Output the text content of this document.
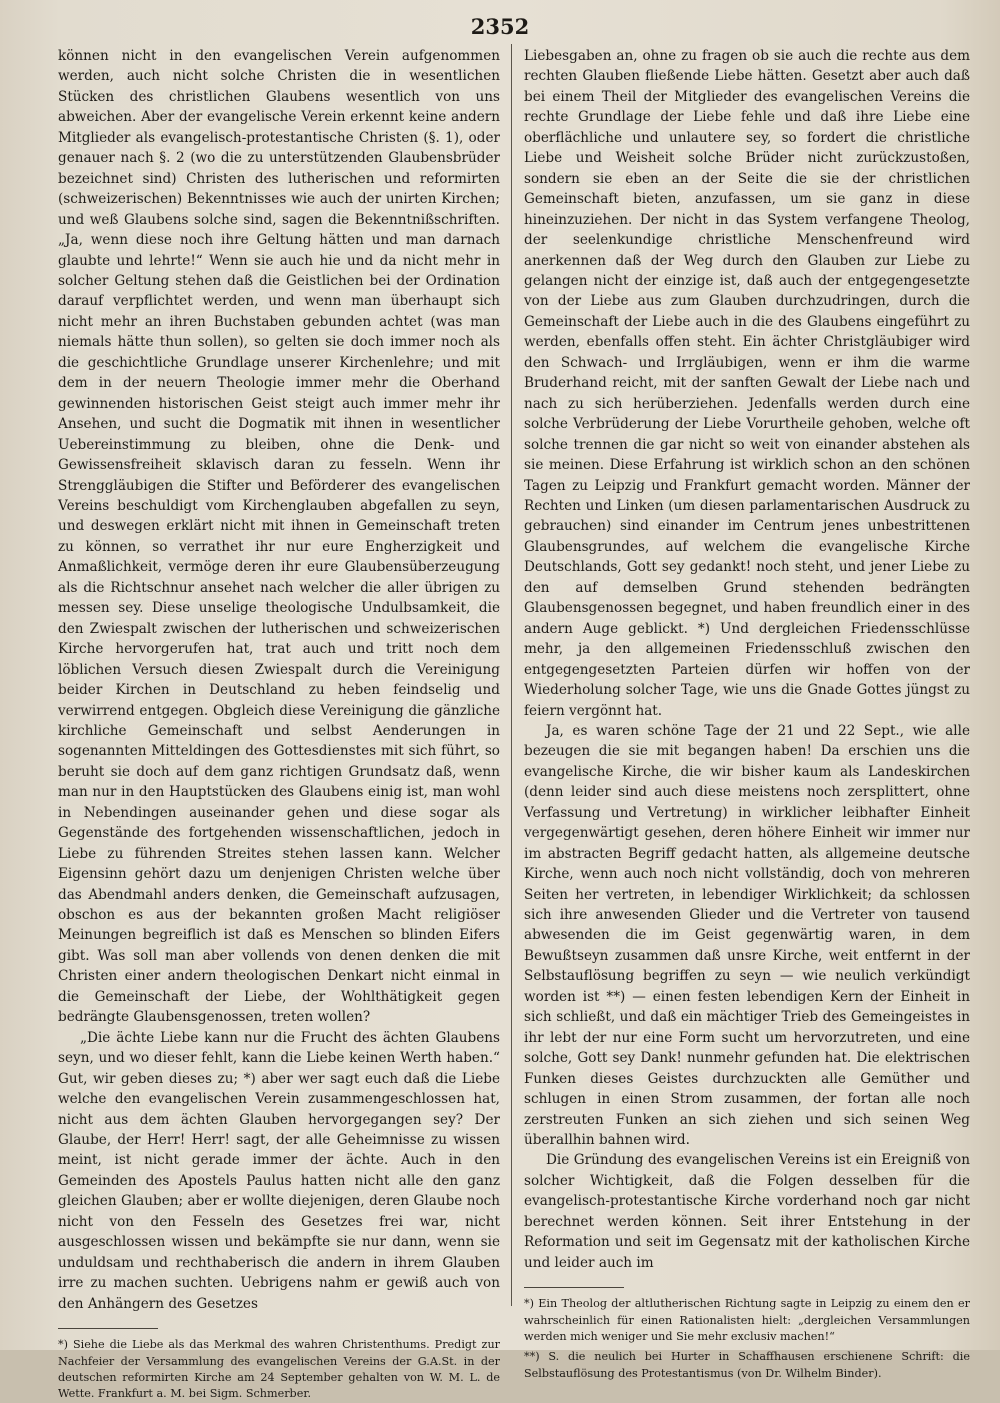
2352

können nicht in den evangelischen Verein aufgenommen werden, auch nicht solche Christen die in wesentlichen Stücken des christlichen Glaubens wesentlich von uns abweichen. Aber der evangelische Verein erkennt keine andern Mitglieder als evangelisch-protestantische Christen (§. 1), oder genauer nach §. 2 (wo die zu unterstützenden Glaubensbrüder bezeichnet sind) Christen des lutherischen und reformirten (schweizerischen) Bekenntnisses wie auch der unirten Kirchen; und weß Glaubens solche sind, sagen die Bekenntnißschriften. „Ja, wenn diese noch ihre Geltung hätten und man darnach glaubte und lehrte!“ Wenn sie auch hie und da nicht mehr in solcher Geltung stehen daß die Geistlichen bei der Ordination darauf verpflichtet werden, und wenn man überhaupt sich nicht mehr an ihren Buchstaben gebunden achtet (was man niemals hätte thun sollen), so gelten sie doch immer noch als die geschichtliche Grundlage unserer Kirchenlehre; und mit dem in der neuern Theologie immer mehr die Oberhand gewinnenden historischen Geist steigt auch immer mehr ihr Ansehen, und sucht die Dogmatik mit ihnen in wesentlicher Uebereinstimmung zu bleiben, ohne die Denk- und Gewissensfreiheit sklavisch daran zu fesseln. Wenn ihr Strenggläubigen die Stifter und Beförderer des evangelischen Vereins beschuldigt vom Kirchenglauben abgefallen zu seyn, und deswegen erklärt nicht mit ihnen in Gemeinschaft treten zu können, so verrathet ihr nur eure Engherzigkeit und Anmaßlichkeit, vermöge deren ihr eure Glaubensüberzeugung als die Richtschnur ansehet nach welcher die aller übrigen zu messen sey. Diese unselige theologische Undulbsamkeit, die den Zwiespalt zwischen der lutherischen und schweizerischen Kirche hervorgerufen hat, trat auch und tritt noch dem löblichen Versuch diesen Zwiespalt durch die Vereinigung beider Kirchen in Deutschland zu heben feindselig und verwirrend entgegen. Obgleich diese Vereinigung die gänzliche kirchliche Gemeinschaft und selbst Aenderungen in sogenannten Mitteldingen des Gottesdienstes mit sich führt, so beruht sie doch auf dem ganz richtigen Grundsatz daß, wenn man nur in den Hauptstücken des Glaubens einig ist, man wohl in Nebendingen auseinander gehen und diese sogar als Gegenstände des fortgehenden wissenschaftlichen, jedoch in Liebe zu führenden Streites stehen lassen kann. Welcher Eigensinn gehört dazu um denjenigen Christen welche über das Abendmahl anders denken, die Gemeinschaft aufzusagen, obschon es aus der bekannten großen Macht religiöser Meinungen begreiflich ist daß es Menschen so blinden Eifers gibt. Was soll man aber vollends von denen denken die mit Christen einer andern theologischen Denkart nicht einmal in die Gemeinschaft der Liebe, der Wohlthätigkeit gegen bedrängte Glaubensgenossen, treten wollen?

„Die ächte Liebe kann nur die Frucht des ächten Glaubens seyn, und wo dieser fehlt, kann die Liebe keinen Werth haben.“ Gut, wir geben dieses zu; *) aber wer sagt euch daß die Liebe welche den evangelischen Verein zusammengeschlossen hat, nicht aus dem ächten Glauben hervorgegangen sey? Der Glaube, der Herr! Herr! sagt, der alle Geheimnisse zu wissen meint, ist nicht gerade immer der ächte. Auch in den Gemeinden des Apostels Paulus hatten nicht alle den ganz gleichen Glauben; aber er wollte diejenigen, deren Glaube noch nicht von den Fesseln des Gesetzes frei war, nicht ausgeschlossen wissen und bekämpfte sie nur dann, wenn sie unduldsam und rechthaberisch die andern in ihrem Glauben irre zu machen suchten. Uebrigens nahm er gewiß auch von den Anhängern des Gesetzes

*) Siehe die Liebe als das Merkmal des wahren Christenthums. Predigt zur Nachfeier der Versammlung des evangelischen Vereins der G.A.St. in der deutschen reformirten Kirche am 24 September gehalten von W. M. L. de Wette. Frankfurt a. M. bei Sigm. Schmerber.

Liebesgaben an, ohne zu fragen ob sie auch die rechte aus dem rechten Glauben fließende Liebe hätten. Gesetzt aber auch daß bei einem Theil der Mitglieder des evangelischen Vereins die rechte Grundlage der Liebe fehle und daß ihre Liebe eine oberflächliche und unlautere sey, so fordert die christliche Liebe und Weisheit solche Brüder nicht zurückzustoßen, sondern sie eben an der Seite die sie der christlichen Gemeinschaft bieten, anzufassen, um sie ganz in diese hineinzuziehen. Der nicht in das System verfangene Theolog, der seelenkundige christliche Menschenfreund wird anerkennen daß der Weg durch den Glauben zur Liebe zu gelangen nicht der einzige ist, daß auch der entgegengesetzte von der Liebe aus zum Glauben durchzudringen, durch die Gemeinschaft der Liebe auch in die des Glaubens eingeführt zu werden, ebenfalls offen steht. Ein ächter Christgläubiger wird den Schwach- und Irrgläubigen, wenn er ihm die warme Bruderhand reicht, mit der sanften Gewalt der Liebe nach und nach zu sich herüberziehen. Jedenfalls werden durch eine solche Verbrüderung der Liebe Vorurtheile gehoben, welche oft solche trennen die gar nicht so weit von einander abstehen als sie meinen. Diese Erfahrung ist wirklich schon an den schönen Tagen zu Leipzig und Frankfurt gemacht worden. Männer der Rechten und Linken (um diesen parlamentarischen Ausdruck zu gebrauchen) sind einander im Centrum jenes unbestrittenen Glaubensgrundes, auf welchem die evangelische Kirche Deutschlands, Gott sey gedankt! noch steht, und jener Liebe zu den auf demselben Grund stehenden bedrängten Glaubensgenossen begegnet, und haben freundlich einer in des andern Auge geblickt. *) Und dergleichen Friedensschlüsse mehr, ja den allgemeinen Friedensschluß zwischen den entgegengesetzten Parteien dürfen wir hoffen von der Wiederholung solcher Tage, wie uns die Gnade Gottes jüngst zu feiern vergönnt hat.

Ja, es waren schöne Tage der 21 und 22 Sept., wie alle bezeugen die sie mit begangen haben! Da erschien uns die evangelische Kirche, die wir bisher kaum als Landeskirchen (denn leider sind auch diese meistens noch zersplittert, ohne Verfassung und Vertretung) in wirklicher leibhafter Einheit vergegenwärtigt gesehen, deren höhere Einheit wir immer nur im abstracten Begriff gedacht hatten, als allgemeine deutsche Kirche, wenn auch noch nicht vollständig, doch von mehreren Seiten her vertreten, in lebendiger Wirklichkeit; da schlossen sich ihre anwesenden Glieder und die Vertreter von tausend abwesenden die im Geist gegenwärtig waren, in dem Bewußtseyn zusammen daß unsre Kirche, weit entfernt in der Selbstauflösung begriffen zu seyn — wie neulich verkündigt worden ist **) — einen festen lebendigen Kern der Einheit in sich schließt, und daß ein mächtiger Trieb des Gemeingeistes in ihr lebt der nur eine Form sucht um hervorzutreten, und eine solche, Gott sey Dank! nunmehr gefunden hat. Die elektrischen Funken dieses Geistes durchzuckten alle Gemüther und schlugen in einen Strom zusammen, der fortan alle noch zerstreuten Funken an sich ziehen und sich seinen Weg überallhin bahnen wird.

Die Gründung des evangelischen Vereins ist ein Ereigniß von solcher Wichtigkeit, daß die Folgen desselben für die evangelisch-protestantische Kirche vorderhand noch gar nicht berechnet werden können. Seit ihrer Entstehung in der Reformation und seit im Gegensatz mit der katholischen Kirche und leider auch im

*) Ein Theolog der altlutherischen Richtung sagte in Leipzig zu einem den er wahrscheinlich für einen Rationalisten hielt: „dergleichen Versammlungen werden mich weniger und Sie mehr exclusiv machen!“

**) S. die neulich bei Hurter in Schaffhausen erschienene Schrift: die Selbstauflösung des Protestantismus (von Dr. Wilhelm Binder).
